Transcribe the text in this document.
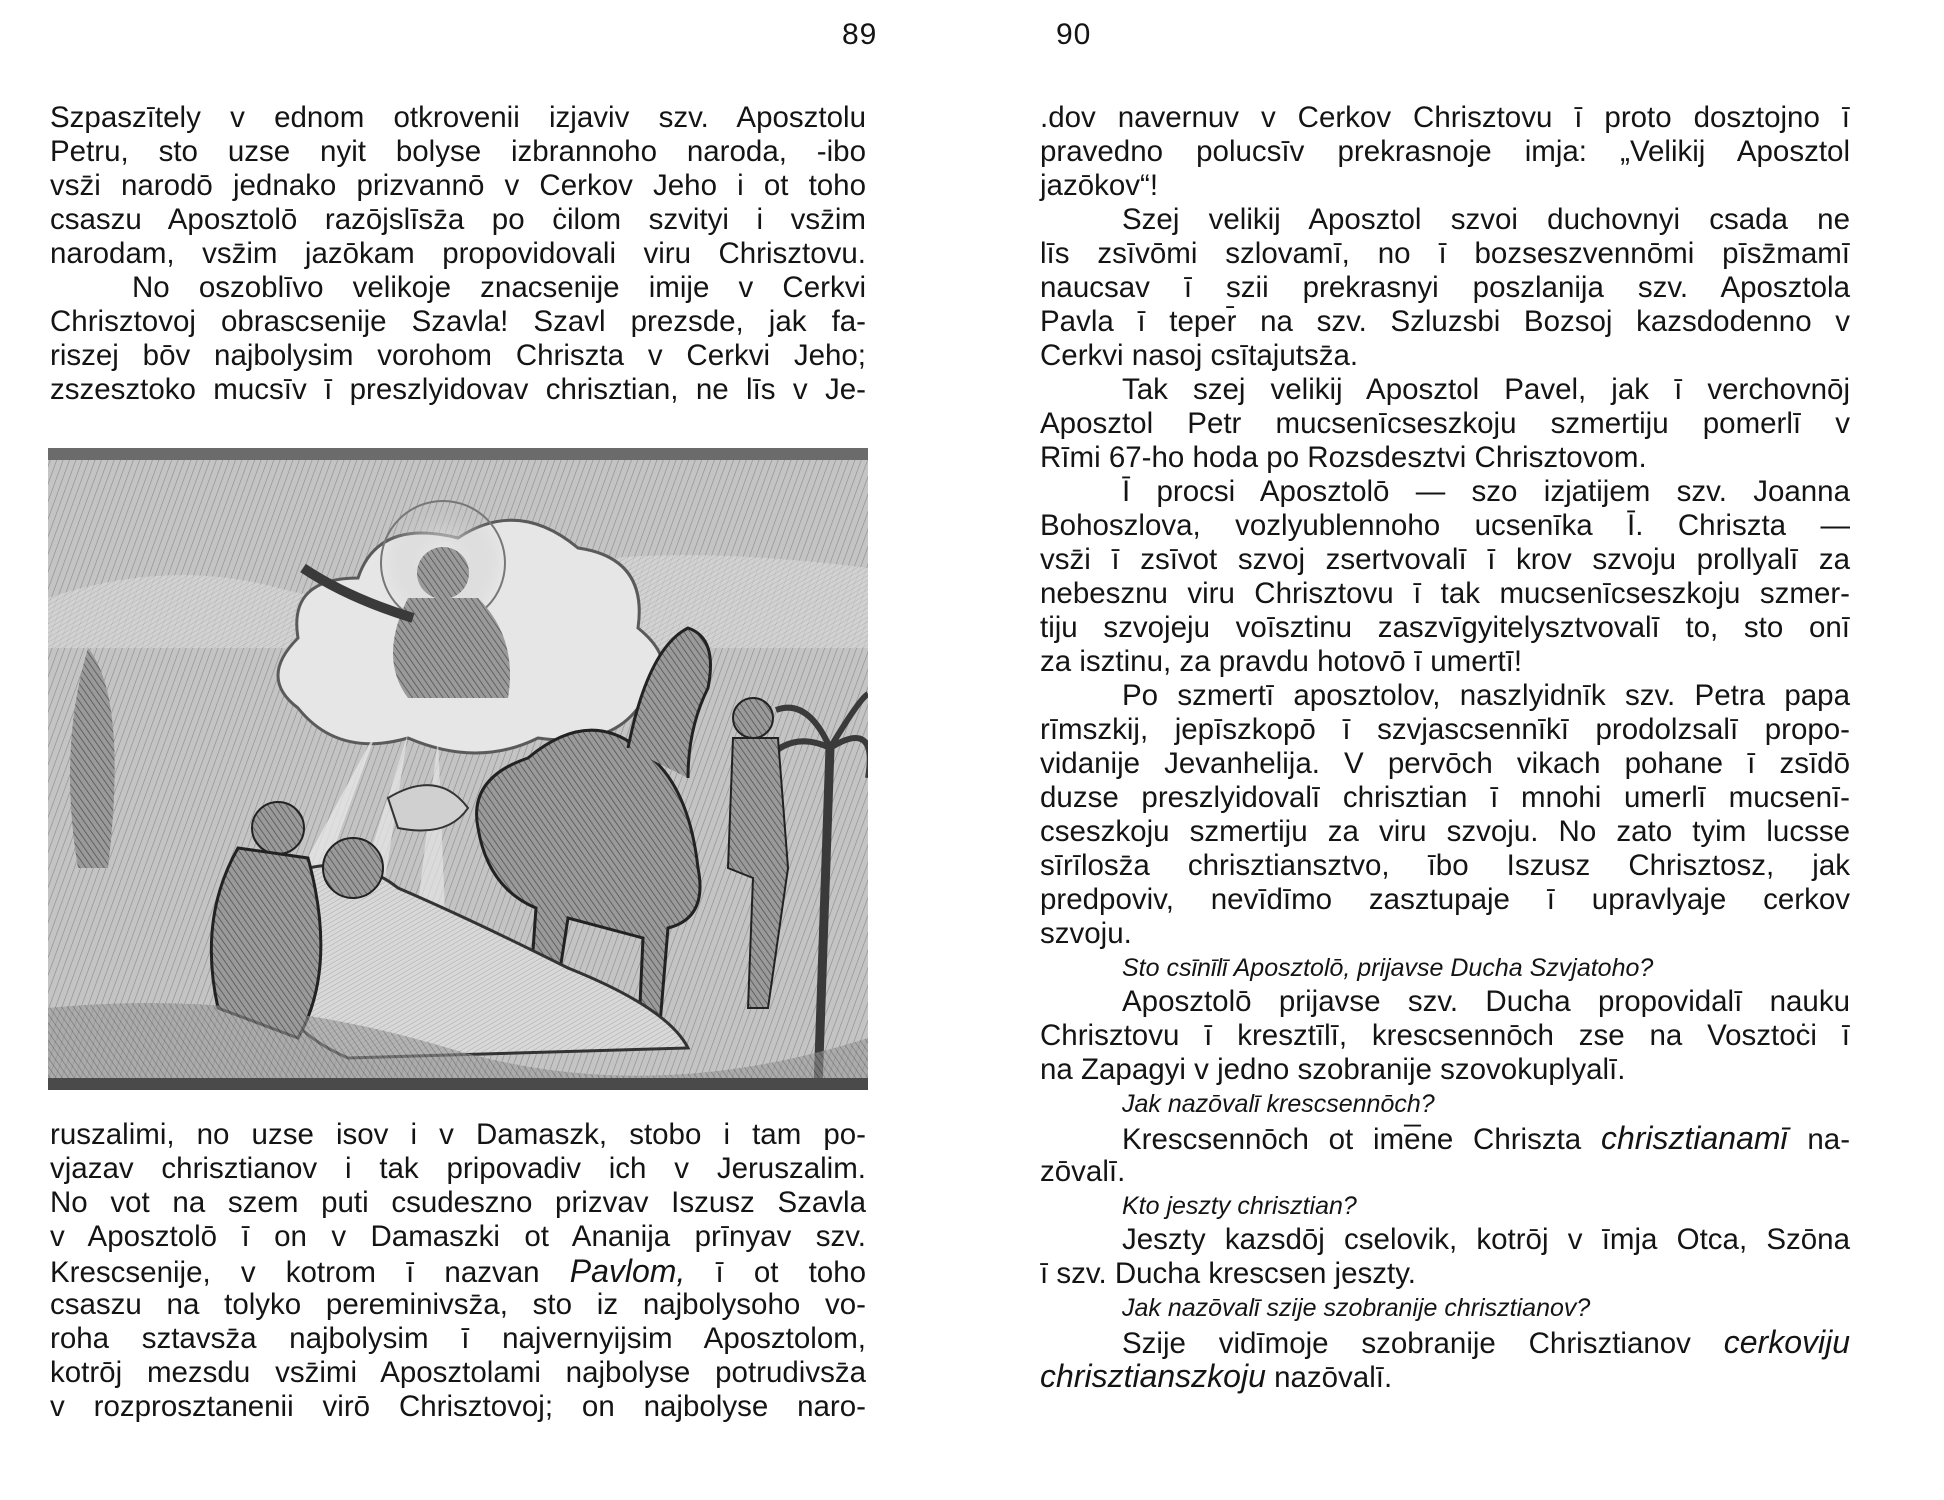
89
Szpaszītely v ednom otkrovenii izjaviv szv. Aposztolu
Petru, sto uzse nyit bolyse izbrannoho naroda, -ibo
vsz̄i narodō jednako prizvannō v Cerkov Jeho i ot toho
csaszu Aposztolō razōjslīsz̄a po ċilom szvityi i vsz̄im
narodam, vsz̄im jazōkam propovidovali viru Chrisztovu.
No oszoblīvo velikoje znacsenije imije v Cerkvi
Chrisztovoj obrascsenije Szavla! Szavl prezsde, jak fa-
riszej bōv najbolysim vorohom Chriszta v Cerkvi Jeho;
zszesztoko mucsīv ī preszlyidovav chrisztian, ne līs v Je-
ruszalimi, no uzse isov i v Damaszk, stobo i tam po-
vjazav chrisztianov i tak pripovadiv ich v Jeruszalim.
No vot na szem puti csudeszno prizvav Iszusz Szavla
v Aposztolō ī on v Damaszki ot Ananija prīnyav szv.
Krescsenije, v kotrom ī nazvan Pavlom, ī ot toho
csaszu na tolyko pereminivsz̄a, sto iz najbolysoho vo-
roha sztavsz̄a najbolysim ī najvernyijsim Aposztolom,
kotrōj mezsdu vsz̄imi Aposztolami najbolyse potrudivsz̄a
v rozprosztanenii virō Chrisztovoj; on najbolyse naro-
90
.dov navernuv v Cerkov Chrisztovu ī proto dosztojno ī
pravedno polucsīv prekrasnoje imja: „Velikij Aposztol
jazōkov“!
Szej velikij Aposztol szvoi duchovnyi csada ne
līs zsīvōmi szlovamī, no ī bozseszvennōmi pīsz̄mamī
naucsav ī szii prekrasnyi poszlanija szv. Aposztola
Pavla ī teper̄ na szv. Szluzsbi Bozsoj kazsdodenno v
Cerkvi nasoj csītajutsz̄a.
Tak szej velikij Aposztol Pavel, jak ī verchovnōj
Aposztol Petr mucsenīcseszkoju szmertiju pomerlī v
Rīmi 67-ho hoda po Rozsdesztvi Chrisztovom.
Ī procsi Aposztolō — szo izjatijem szv. Joanna
Bohoszlova, vozlyublennoho ucsenīka Ī. Chriszta —
vsz̄i ī zsīvot szvoj zsertvovalī ī krov szvoju prollyalī za
nebesznu viru Chrisztovu ī tak mucsenīcseszkoju szmer-
tiju szvojeju voīsztinu zaszvīgyitelysztvovalī to, sto onī
za isztinu, za pravdu hotovō ī umertī!
Po szmertī aposztolov, naszlyidnīk szv. Petra papa
rīmszkij, jepīszkopō ī szvjascsennīkī prodolzsalī propo-
vidanije Jevanhelija. V pervōch vikach pohane ī zsīdō
duzse preszlyidovalī chrisztian ī mnohi umerlī mucsenī-
cseszkoju szmertiju za viru szvoju. No zato tyim lucsse
sīrīlosz̄a chrisztiansztvo, ībo Iszusz Chrisztosz, jak
predpoviv, nevīdīmo zasztupaje ī upravlyaje cerkov
szvoju.
Sto csīnīlī Aposztolō, prijavse Ducha Szvjatoho?
Aposztolō prijavse szv. Ducha propovidalī nauku
Chrisztovu ī kresztīlī, krescsennōch zse na Vosztoċi ī
na Zapagyi v jedno szobranije szovokuplyalī.
Jak nazōvalī krescsennōch?
Krescsennōch ot ime̅ne Chriszta chrisztianamī na-
zōvalī.
Kto jeszty chrisztian?
Jeszty kazsdōj cselovik, kotrōj v īmja Otca, Szōna
ī szv. Ducha krescsen jeszty.
Jak nazōvalī szije szobranije chrisztianov?
Szije vidīmoje szobranije Chrisztianov cerkoviju
chrisztianszkoju nazōvalī.
